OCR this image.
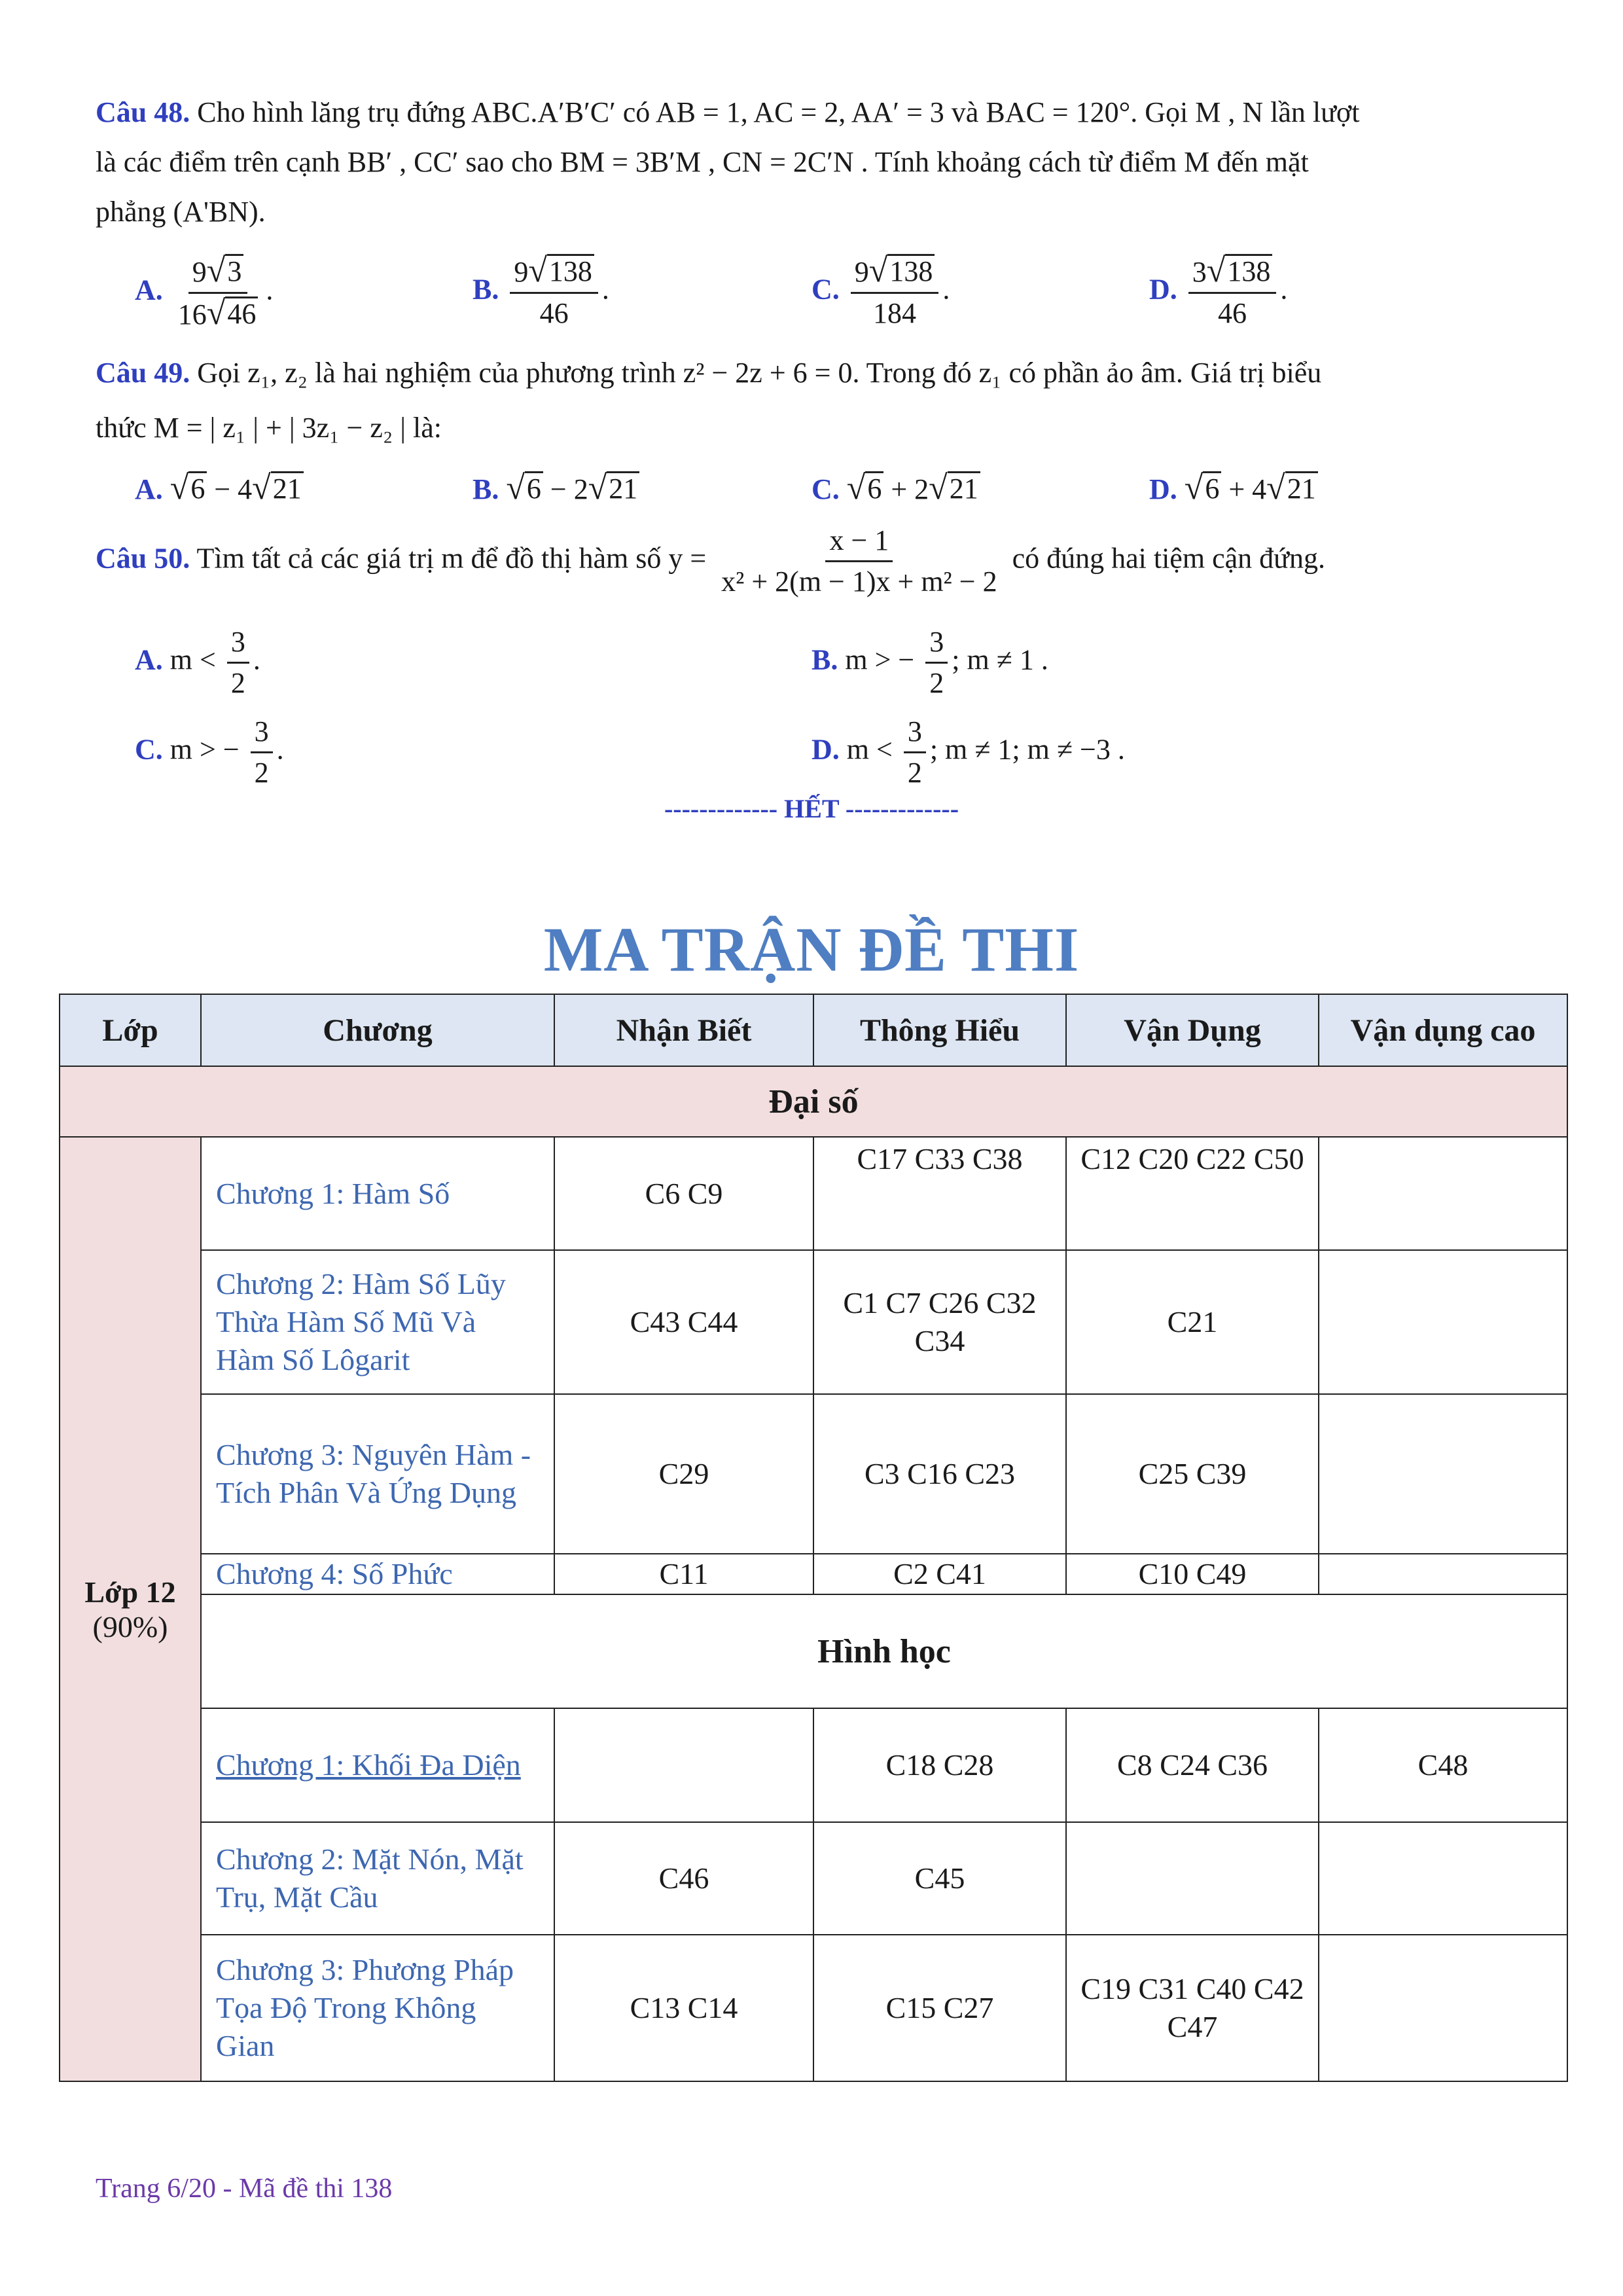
Câu 48. Cho hình lăng trụ đứng ABC.A′B′C′ có AB = 1, AC = 2, AA′ = 3 và BAC = 120°. Gọi M , N lần lượt
là các điểm trên cạnh BB′ , CC′ sao cho BM = 3B′M , CN = 2C′N . Tính khoảng cách từ điểm M đến mặt
phẳng (A'BN).
A. $\frac{9 √ 3}{16 √ 46}$ .	B. $\frac{9 √ 138}{46}$ .	C. $\frac{9 √ 138}{184}$ .	D. $\frac{3 √ 138}{46}$ .
Câu 49. Gọi z₁, z₂ là hai nghiệm của phương trình z² − 2z + 6 = 0. Trong đó z₁ có phần ảo âm. Giá trị biểu
thức M = | z₁ | + | 3z₁ − z₂ | là:
A. √ 6 − 4 √ 21	B. √ 6 − 2 √ 21	C. √ 6 + 2 √ 21	D. √ 6 + 4 √ 21
Câu 50. Tìm tất cả các giá trị m để đồ thị hàm số $y = \frac{x - 1}{\text{x² + 2(m − 1)x + m² − 2}}$ có đúng hai tiệm cận đứng.
A. $m < \frac{3}{2}$ .	B. m > − $\frac{3}{2}$ ; m ≠ 1 .
C. m > − $\frac{3}{2}$ .	D. $m < \frac{3}{2}$ ; m ≠ 1; m ≠ −3 .
------------- HẾT -------------
MA TRẬN ĐỀ THI
Lớp	Chương	Nhận Biết	Thông Hiểu	Vận Dụng	Vận dụng cao
Đại số					

Lớp 12
(90%)	Chương 1: Hàm Số	C6 C9	C17 C33 C38	C12 C20 C22 C50	
	Chương 2: Hàm Số Lũy Thừa Hàm Số Mũ Và Hàm Số Lôgarit	C43 C44	C1 C7 C26 C32 C34	C21	
	Chương 3: Nguyên Hàm - Tích Phân Và Ứng Dụng	C29	C3 C16 C23	C25 C39	
	Chương 4: Số Phức	C11	C2 C41	C10 C49	
	Hình học				
	Chương 1: Khối Đa Diện		C18 C28	C8 C24 C36	C48
	Chương 2: Mặt Nón, Mặt Trụ, Mặt Cầu	C46	C45		
	Chương 3: Phương Pháp Tọa Độ Trong Không Gian	C13 C14	C15 C27	C19 C31 C40 C42 C47	
Trang 6/20 - Mã đề thi 138
